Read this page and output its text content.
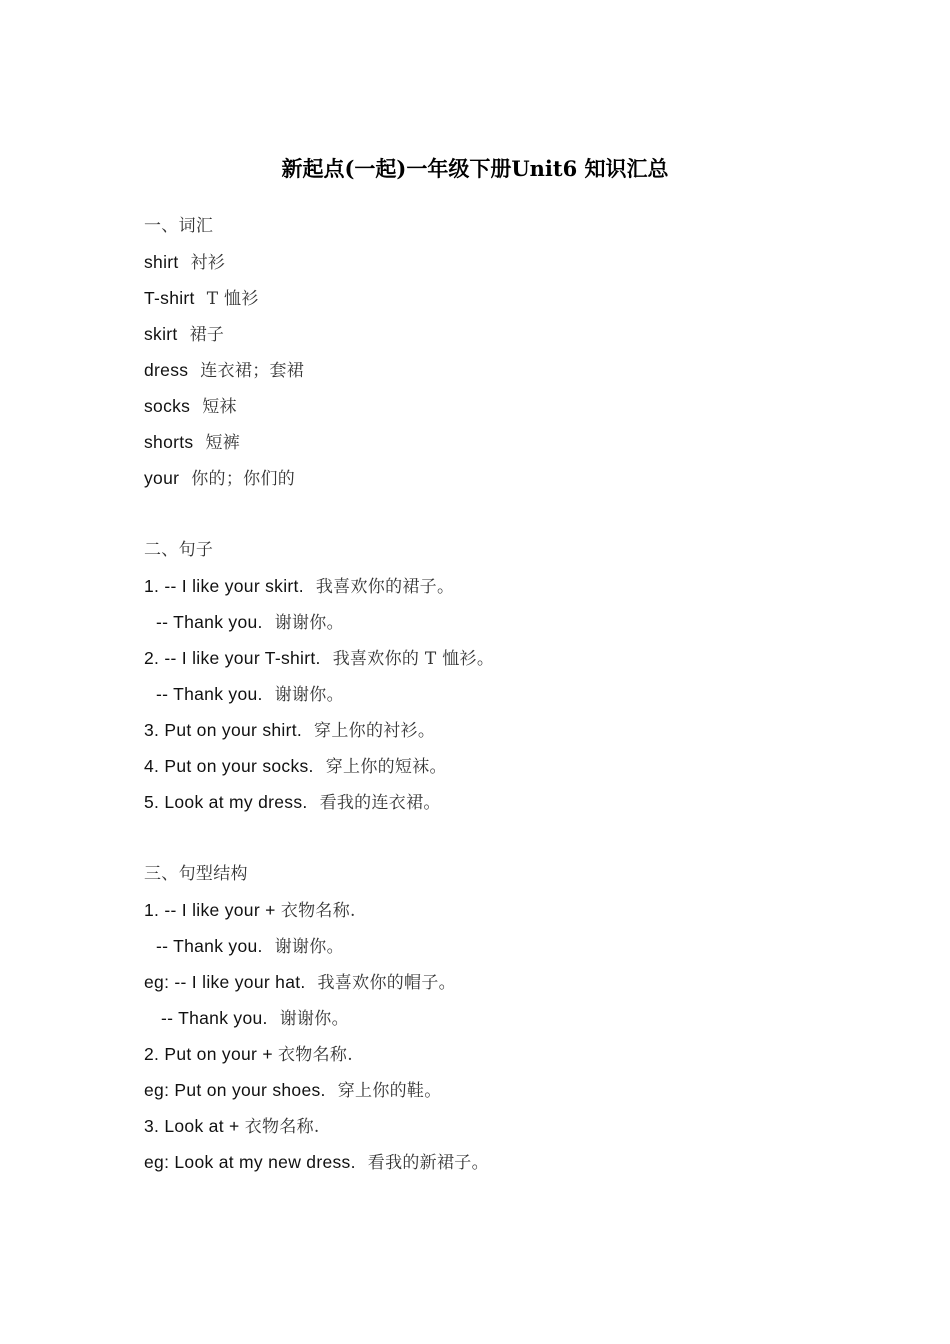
新起点(一起)一年级下册Unit6 知识汇总
一、词汇
shirt 衬衫
T-shirt T 恤衫
skirt 裙子
dress 连衣裙；套裙
socks 短袜
shorts 短裤
your 你的；你们的
二、句子
1. -- I like your skirt. 我喜欢你的裙子。
-- Thank you. 谢谢你。
2. -- I like your T-shirt. 我喜欢你的 T 恤衫。
-- Thank you. 谢谢你。
3. Put on your shirt. 穿上你的衬衫。
4. Put on your socks. 穿上你的短袜。
5. Look at my dress. 看我的连衣裙。
三、句型结构
1. -- I like your + 衣物名称.
-- Thank you. 谢谢你。
eg: -- I like your hat. 我喜欢你的帽子。
-- Thank you. 谢谢你。
2. Put on your + 衣物名称.
eg: Put on your shoes. 穿上你的鞋。
3. Look at + 衣物名称.
eg: Look at my new dress. 看我的新裙子。
